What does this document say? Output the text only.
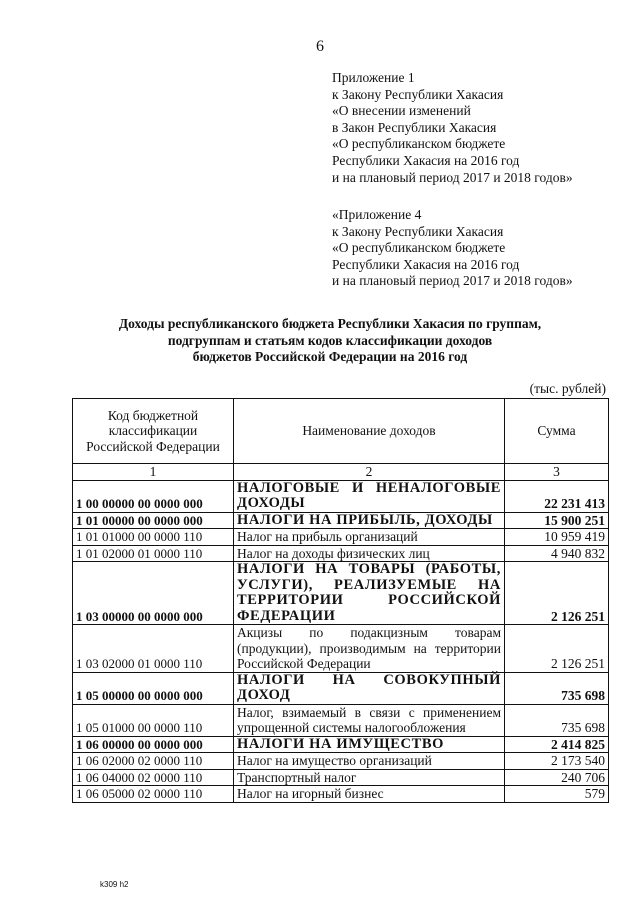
6
Приложение 1
к Закону Республики Хакасия
«О внесении изменений
в Закон Республики Хакасия
«О республиканском бюджете
Республики Хакасия на 2016 год
и на плановый период 2017 и 2018 годов»
«Приложение 4
к Закону Республики Хакасия
«О республиканском бюджете
Республики Хакасия на 2016 год
и на плановый период 2017 и 2018 годов»
Доходы республиканского бюджета Республики Хакасия по группам,
подгруппам и статьям кодов классификации доходов
бюджетов Российской Федерации на 2016 год
(тыс. рублей)
Код бюджетной классификации Российской Федерации	Наименование доходов	Сумма
1	2	3
1 00 00000 00 0000 000	НАЛОГОВЫЕ И НЕНАЛОГОВЫЕ ДОХОДЫ	22 231 413
1 01 00000 00 0000 000	НАЛОГИ НА ПРИБЫЛЬ, ДОХОДЫ	15 900 251
1 01 01000 00 0000 110	Налог на прибыль организаций	10 959 419
1 01 02000 01 0000 110	Налог на доходы физических лиц	4 940 832
1 03 00000 00 0000 000	НАЛОГИ НА ТОВАРЫ (РАБОТЫ, УСЛУГИ), РЕАЛИЗУЕМЫЕ НА ТЕРРИТОРИИ РОССИЙСКОЙ ФЕДЕРАЦИИ	2 126 251
1 03 02000 01 0000 110	Акцизы по подакцизным товарам (продукции), производимым на территории Российской Федерации	2 126 251
1 05 00000 00 0000 000	НАЛОГИ НА СОВОКУПНЫЙ ДОХОД	735 698
1 05 01000 00 0000 110	Налог, взимаемый в связи с применением упрощенной системы налогообложения	735 698
1 06 00000 00 0000 000	НАЛОГИ НА ИМУЩЕСТВО	2 414 825
1 06 02000 02 0000 110	Налог на имущество организаций	2 173 540
1 06 04000 02 0000 110	Транспортный налог	240 706
1 06 05000 02 0000 110	Налог на игорный бизнес	579
k309 h2
